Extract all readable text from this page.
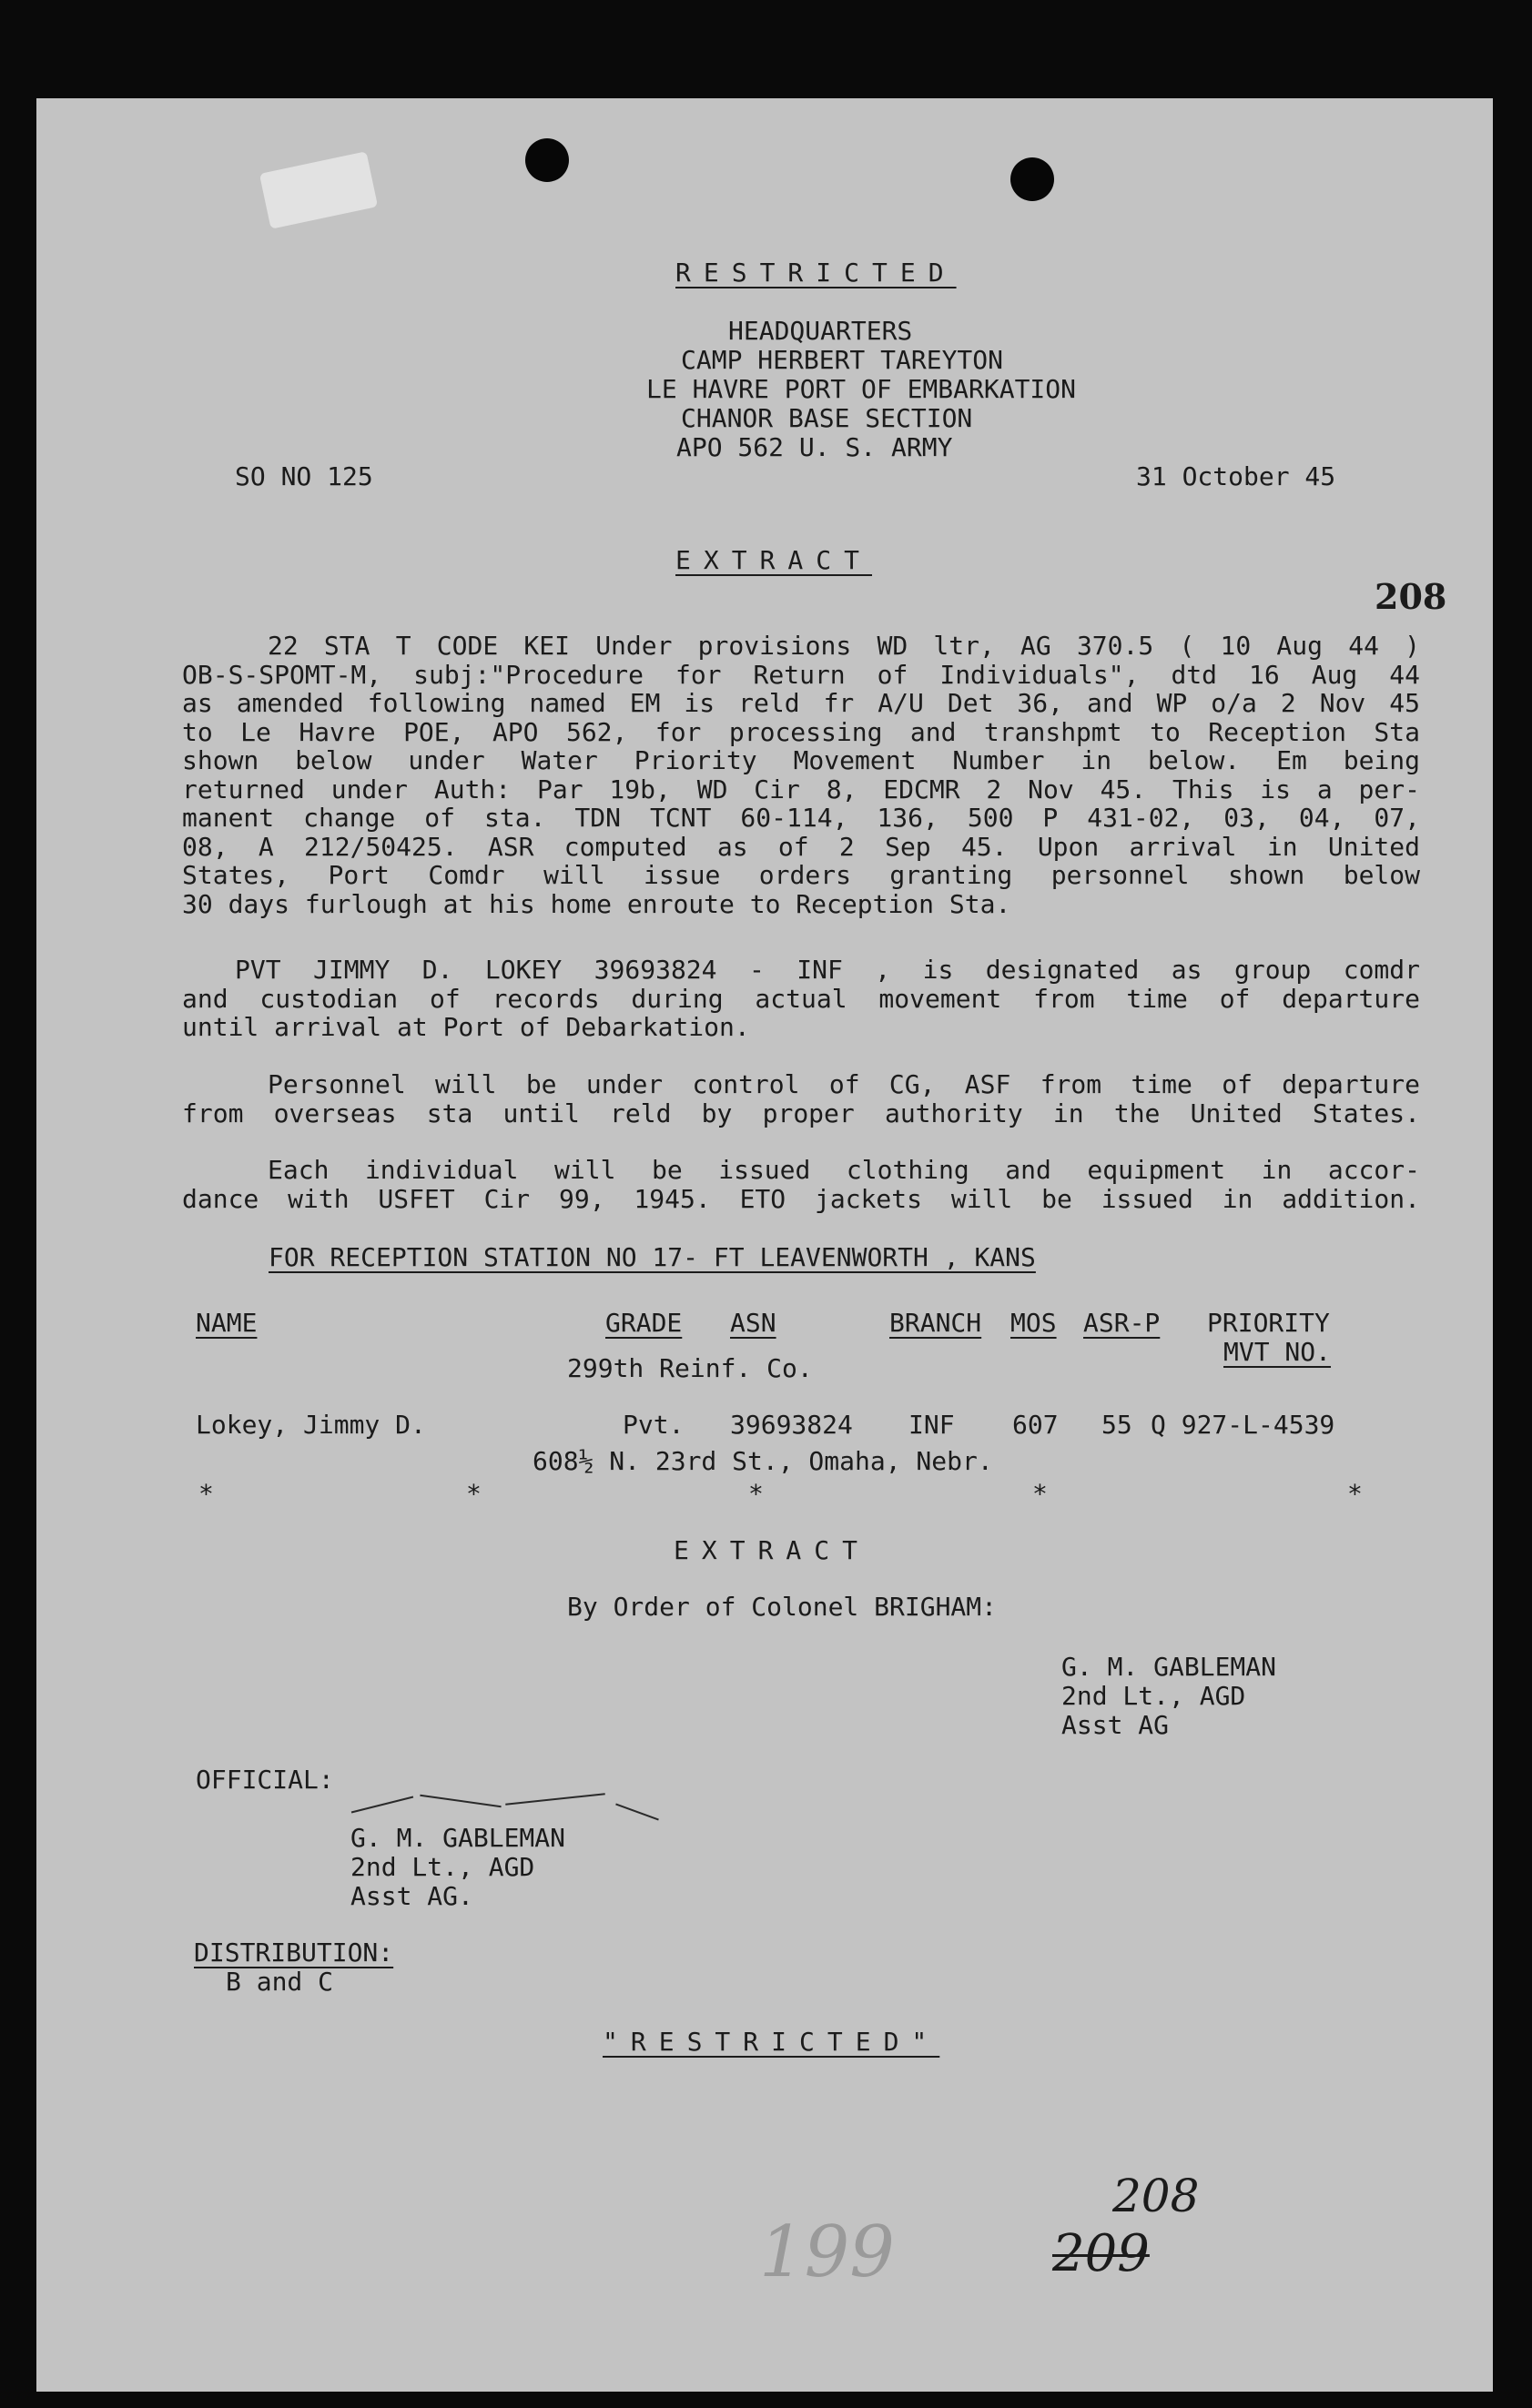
RESTRICTED
HEADQUARTERS
CAMP HERBERT TAREYTON
LE HAVRE PORT OF EMBARKATION
CHANOR BASE SECTION
APO 562 U. S. ARMY
SO NO 125	31 October 45
EXTRACT
208
22 STA T CODE KEI Under provisions WD ltr, AG 370.5 ( 10 Aug 44 )
OB-S-SPOMT-M, subj:"Procedure for Return of Individuals", dtd 16 Aug 44
as amended following named EM is reld fr A/U Det 36, and WP o/a 2 Nov 45
to Le Havre POE, APO 562, for processing and transhpmt to Reception Sta
shown below under Water Priority Movement Number in below. Em being
returned under Auth: Par 19b, WD Cir 8, EDCMR 2 Nov 45. This is a per-
manent change of sta. TDN TCNT 60-114, 136, 500 P 431-02, 03, 04, 07,
08, A 212/50425. ASR computed as of 2 Sep 45. Upon arrival in United
States, Port Comdr will issue orders granting personnel shown below
30 days furlough at his home enroute to Reception Sta.
PVT JIMMY D. LOKEY 39693824 - INF , is designated as group comdr
and custodian of records during actual movement from time of departure
until arrival at Port of Debarkation.
Personnel will be under control of CG, ASF from time of departure
from overseas sta until reld by proper authority in the United States.
Each individual will be issued clothing and equipment in accor-
dance with USFET Cir 99, 1945. ETO jackets will be issued in addition.
FOR RECEPTION STATION NO 17- FT LEAVENWORTH , KANS
NAME	GRADE ASN	BRANCH MOS ASR-P PRIORITY
MVT NO.
299th Reinf. Co.
Lokey, Jimmy D.	Pvt. 39693824 INF 607 55 Q 927-L-4539
608½ N. 23rd St., Omaha, Nebr.
*	*	*	*	*
EXTRACT
By Order of Colonel BRIGHAM:
G. M. GABLEMAN
2nd Lt., AGD
Asst AG
OFFICIAL:
G. M. GABLEMAN
2nd Lt., AGD
Asst AG.
DISTRIBUTION:
B and C
"RESTRICTED"
199
208
209
